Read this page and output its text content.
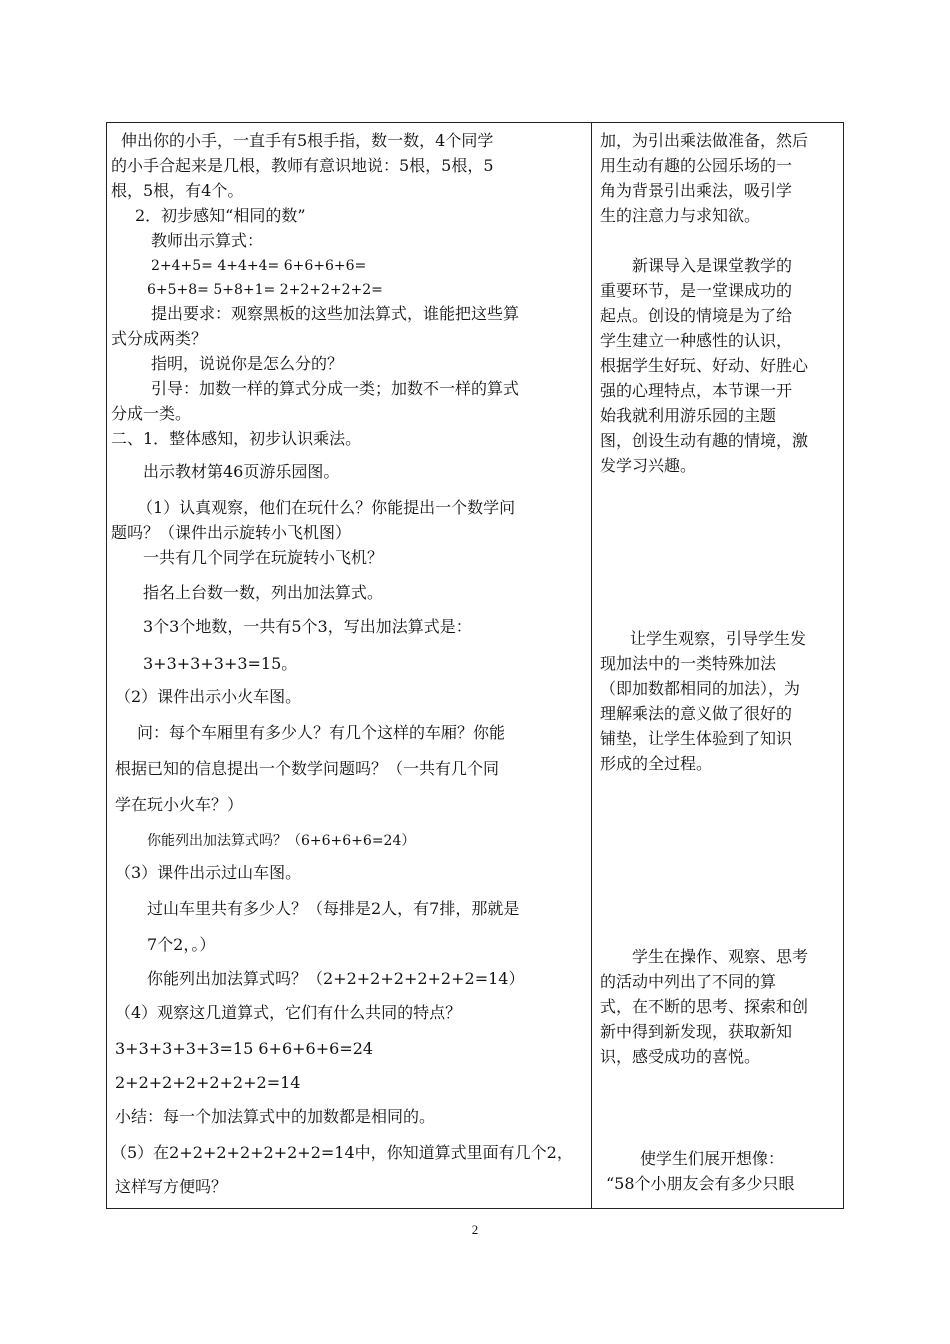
伸出你的小手，一直手有5根手指，数一数，4个同学
的小手合起来是几根，教师有意识地说：5根，5根，5
根，5根，有4个。
2．初步感知“相同的数”
教师出示算式：
2+4+5= 4+4+4= 6+6+6+6=
6+5+8= 5+8+1= 2+2+2+2+2=
提出要求：观察黑板的这些加法算式，谁能把这些算
式分成两类？
指明，说说你是怎么分的？
引导：加数一样的算式分成一类；加数不一样的算式
分成一类。
二、1．整体感知，初步认识乘法。
出示教材第46页游乐园图。
（1）认真观察，他们在玩什么？你能提出一个数学问
题吗？（课件出示旋转小飞机图）
一共有几个同学在玩旋转小飞机？
指名上台数一数，列出加法算式。
3个3个地数，一共有5个3，写出加法算式是：
3+3+3+3+3=15。
（2）课件出示小火车图。
问：每个车厢里有多少人？有几个这样的车厢？你能
根据已知的信息提出一个数学问题吗？（一共有几个同
学在玩小火车？）
你能列出加法算式吗？（6+6+6+6=24）
（3）课件出示过山车图。
过山车里共有多少人？（每排是2人，有7排，那就是
7个2，。）
你能列出加法算式吗？（2+2+2+2+2+2+2=14）
（4）观察这几道算式，它们有什么共同的特点？
3+3+3+3+3=15 6+6+6+6=24
2+2+2+2+2+2+2=14
小结：每一个加法算式中的加数都是相同的。
（5）在2+2+2+2+2+2+2=14中，你知道算式里面有几个2，
这样写方便吗？
加，为引出乘法做准备，然后
用生动有趣的公园乐场的一
角为背景引出乘法，吸引学
生的注意力与求知欲。
新课导入是课堂教学的
重要环节，是一堂课成功的
起点。创设的情境是为了给
学生建立一种感性的认识，
根据学生好玩、好动、好胜心
强的心理特点，本节课一开
始我就利用游乐园的主题
图，创设生动有趣的情境，激
发学习兴趣。
让学生观察，引导学生发
现加法中的一类特殊加法
（即加数都相同的加法），为
理解乘法的意义做了很好的
铺垫，让学生体验到了知识
形成的全过程。
学生在操作、观察、思考
的活动中列出了不同的算
式，在不断的思考、探索和创
新中得到新发现，获取新知
识，感受成功的喜悦。
使学生们展开想像：
“58个小朋友会有多少只眼
2
